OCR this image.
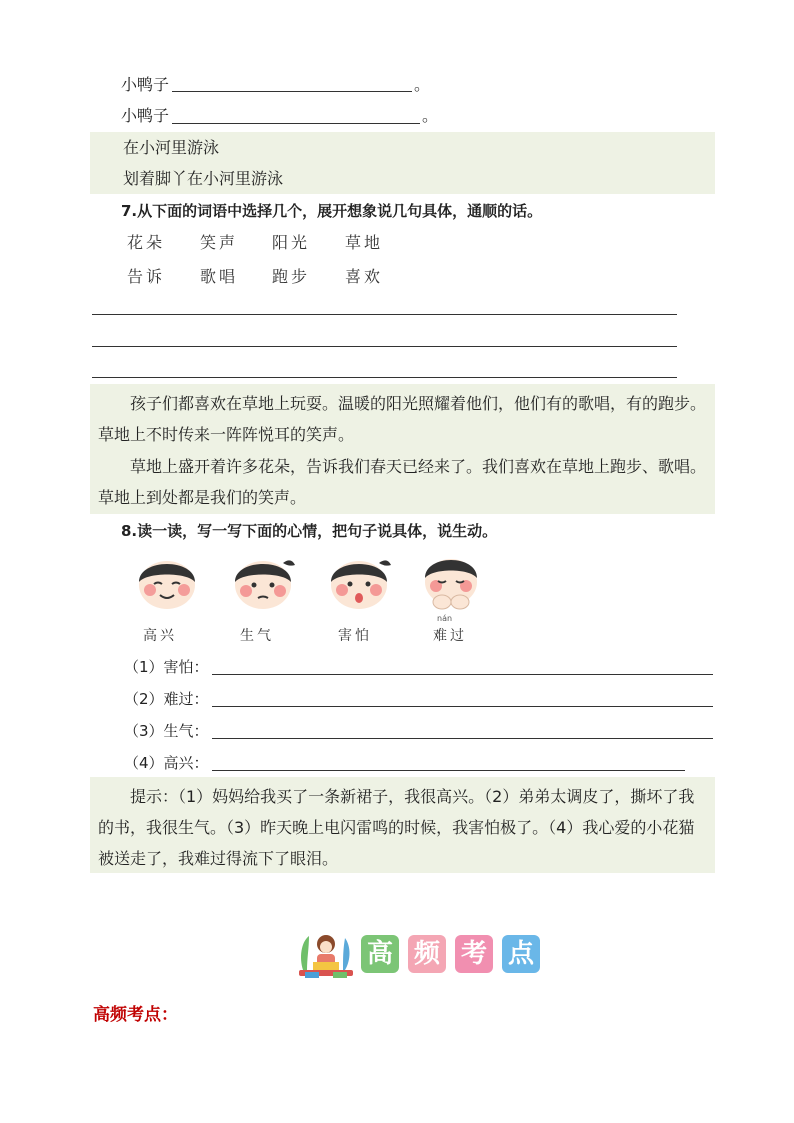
小鸭子	。
小鸭子	。
在小河里游泳
划着脚丫在小河里游泳
7.从下面的词语中选择几个，展开想象说几句具体，通顺的话。
花朵 笑声 阳光 草地
告诉 歌唱 跑步 喜欢
孩子们都喜欢在草地上玩耍。温暖的阳光照耀着他们，他们有的歌唱，有的跑步。草地上不时传来一阵阵悦耳的笑声。
草地上盛开着许多花朵，告诉我们春天已经来了。我们喜欢在草地上跑步、歌唱。草地上到处都是我们的笑声。
8.读一读，写一写下面的心情，把句子说具体，说生动。
高兴	生气	害怕
nán
难过
（1）害怕：
（2）难过：
（3）生气：
（4）高兴：
提示：（1）妈妈给我买了一条新裙子，我很高兴。（2）弟弟太调皮了，撕坏了我的书，我很生气。（3）昨天晚上电闪雷鸣的时候，我害怕极了。（4）我心爱的小花猫被送走了，我难过得流下了眼泪。
高 频 考 点
高频考点：
